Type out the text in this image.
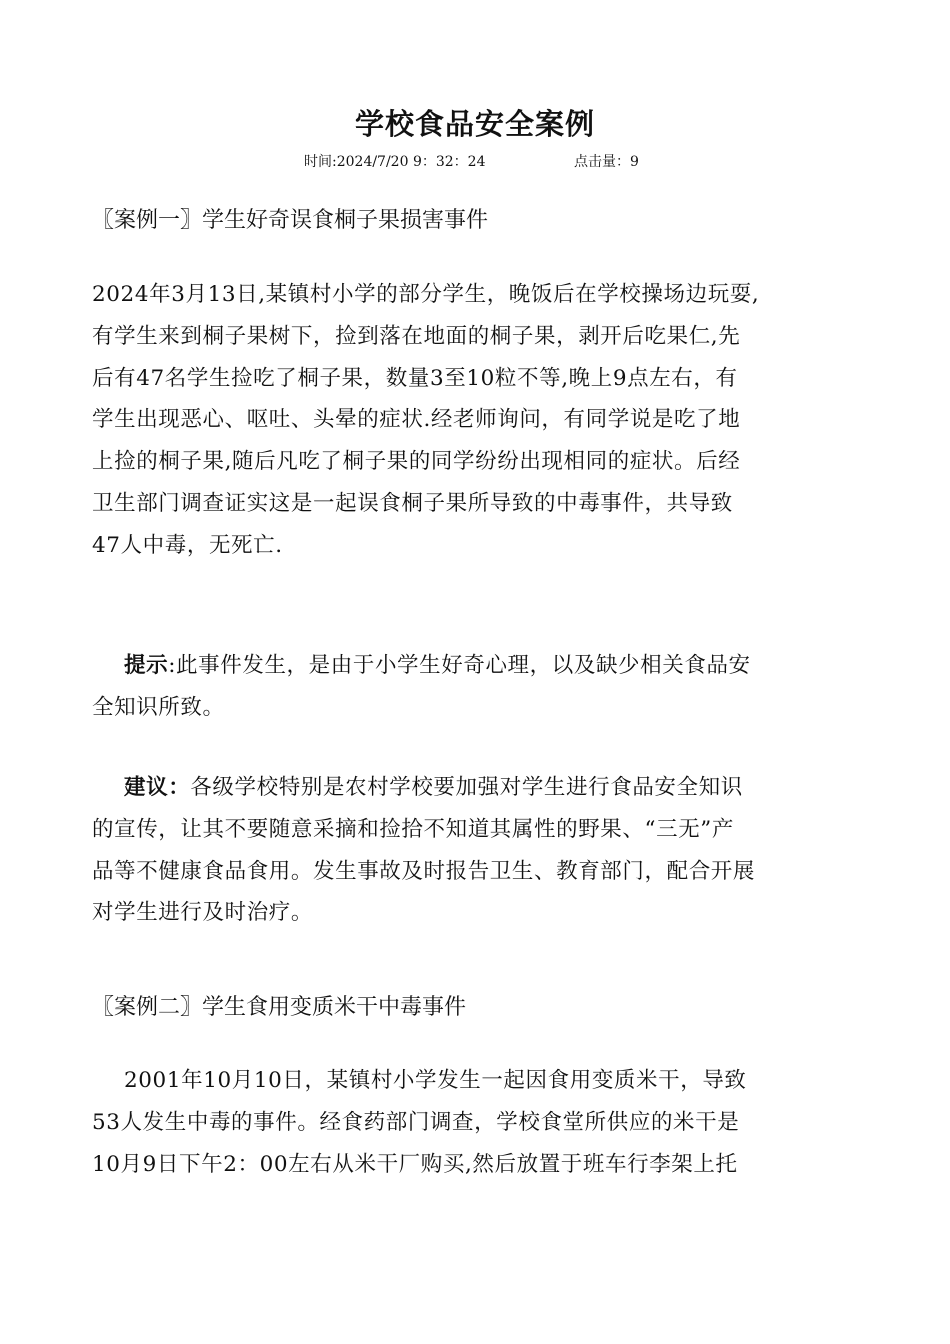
学校食品安全案例
时间:2024/7/20 9：32：24	点击量：9
〖案例一〗学生好奇误食桐子果损害事件
2024年3月13日,某镇村小学的部分学生，晚饭后在学校操场边玩耍,
有学生来到桐子果树下，捡到落在地面的桐子果，剥开后吃果仁,先
后有47名学生捡吃了桐子果，数量3至10粒不等,晚上9点左右，有
学生出现恶心、呕吐、头晕的症状.经老师询问，有同学说是吃了地
上捡的桐子果,随后凡吃了桐子果的同学纷纷出现相同的症状。后经
卫生部门调查证实这是一起误食桐子果所导致的中毒事件，共导致
47人中毒，无死亡.
提示:此事件发生，是由于小学生好奇心理，以及缺少相关食品安
全知识所致。
建议：各级学校特别是农村学校要加强对学生进行食品安全知识
的宣传，让其不要随意采摘和捡拾不知道其属性的野果、“三无”产
品等不健康食品食用。发生事故及时报告卫生、教育部门，配合开展
对学生进行及时治疗。
〖案例二〗学生食用变质米干中毒事件
2001年10月10日，某镇村小学发生一起因食用变质米干，导致
53人发生中毒的事件。经食药部门调查，学校食堂所供应的米干是
10月9日下午2：00左右从米干厂购买,然后放置于班车行李架上托
